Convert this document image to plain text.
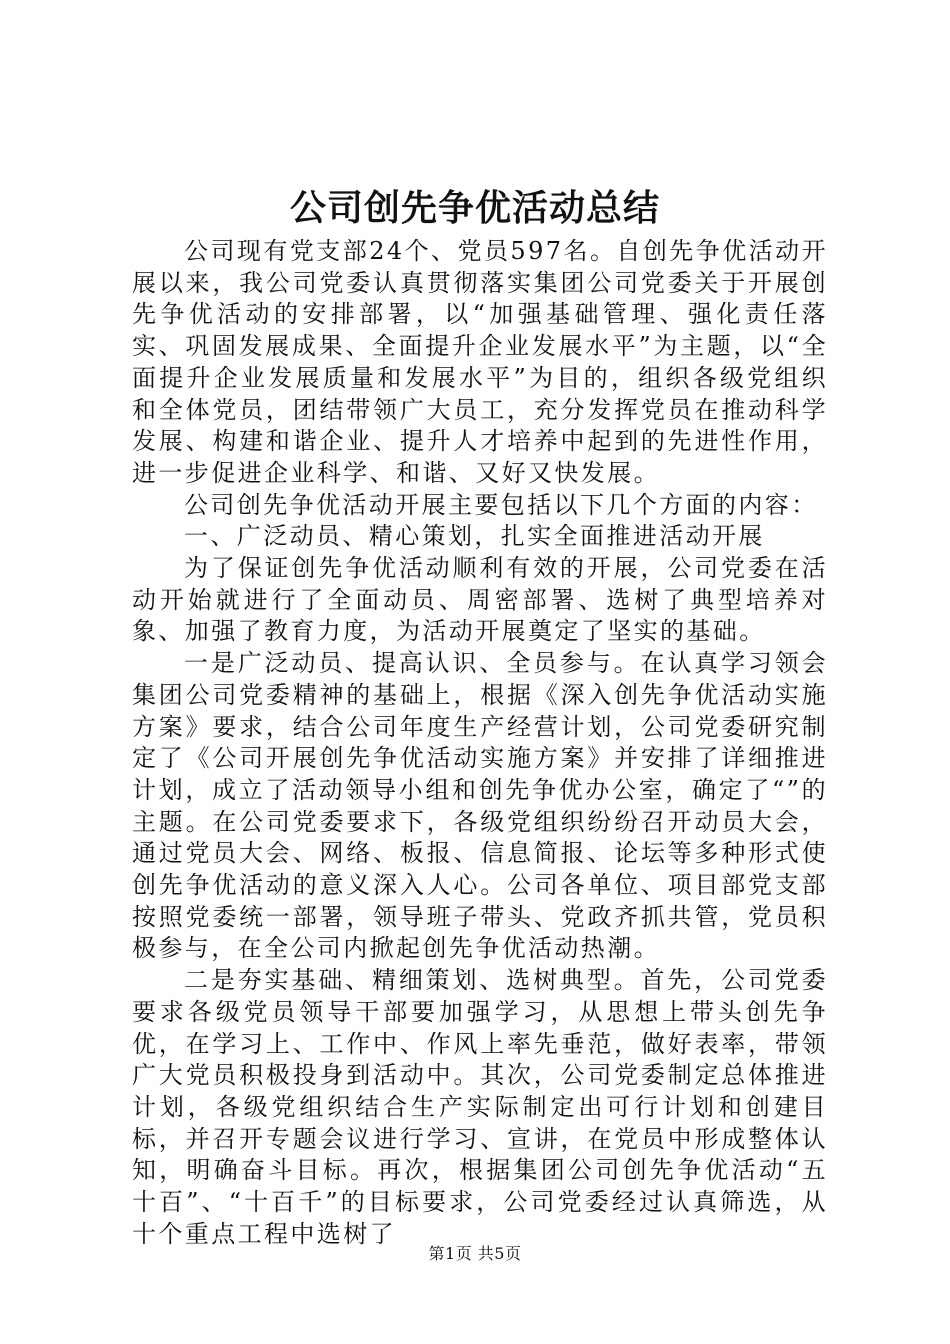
公司创先争优活动总结

公司现有党支部24个、党员597名。自创先争优活动开展以来，我公司党委认真贯彻落实集团公司党委关于开展创先争优活动的安排部署，以“加强基础管理、强化责任落实、巩固发展成果、全面提升企业发展水平”为主题，以“全面提升企业发展质量和发展水平”为目的，组织各级党组织和全体党员，团结带领广大员工，充分发挥党员在推动科学发展、构建和谐企业、提升人才培养中起到的先进性作用，进一步促进企业科学、和谐、又好又快发展。

公司创先争优活动开展主要包括以下几个方面的内容：

一、广泛动员、精心策划，扎实全面推进活动开展

为了保证创先争优活动顺利有效的开展，公司党委在活动开始就进行了全面动员、周密部署、选树了典型培养对象、加强了教育力度，为活动开展奠定了坚实的基础。

一是广泛动员、提高认识、全员参与。在认真学习领会集团公司党委精神的基础上，根据《深入创先争优活动实施方案》要求，结合公司年度生产经营计划，公司党委研究制定了《公司开展创先争优活动实施方案》并安排了详细推进计划，成立了活动领导小组和创先争优办公室，确定了“”的主题。在公司党委要求下，各级党组织纷纷召开动员大会，通过党员大会、网络、板报、信息简报、论坛等多种形式使创先争优活动的意义深入人心。公司各单位、项目部党支部按照党委统一部署，领导班子带头、党政齐抓共管，党员积极参与，在全公司内掀起创先争优活动热潮。

二是夯实基础、精细策划、选树典型。首先，公司党委要求各级党员领导干部要加强学习，从思想上带头创先争优，在学习上、工作中、作风上率先垂范，做好表率，带领广大党员积极投身到活动中。其次，公司党委制定总体推进计划，各级党组织结合生产实际制定出可行计划和创建目标，并召开专题会议进行学习、宣讲，在党员中形成整体认知，明确奋斗目标。再次，根据集团公司创先争优活动“五十百”、“十百千”的目标要求，公司党委经过认真筛选，从十个重点工程中选树了

第1页 共5页
